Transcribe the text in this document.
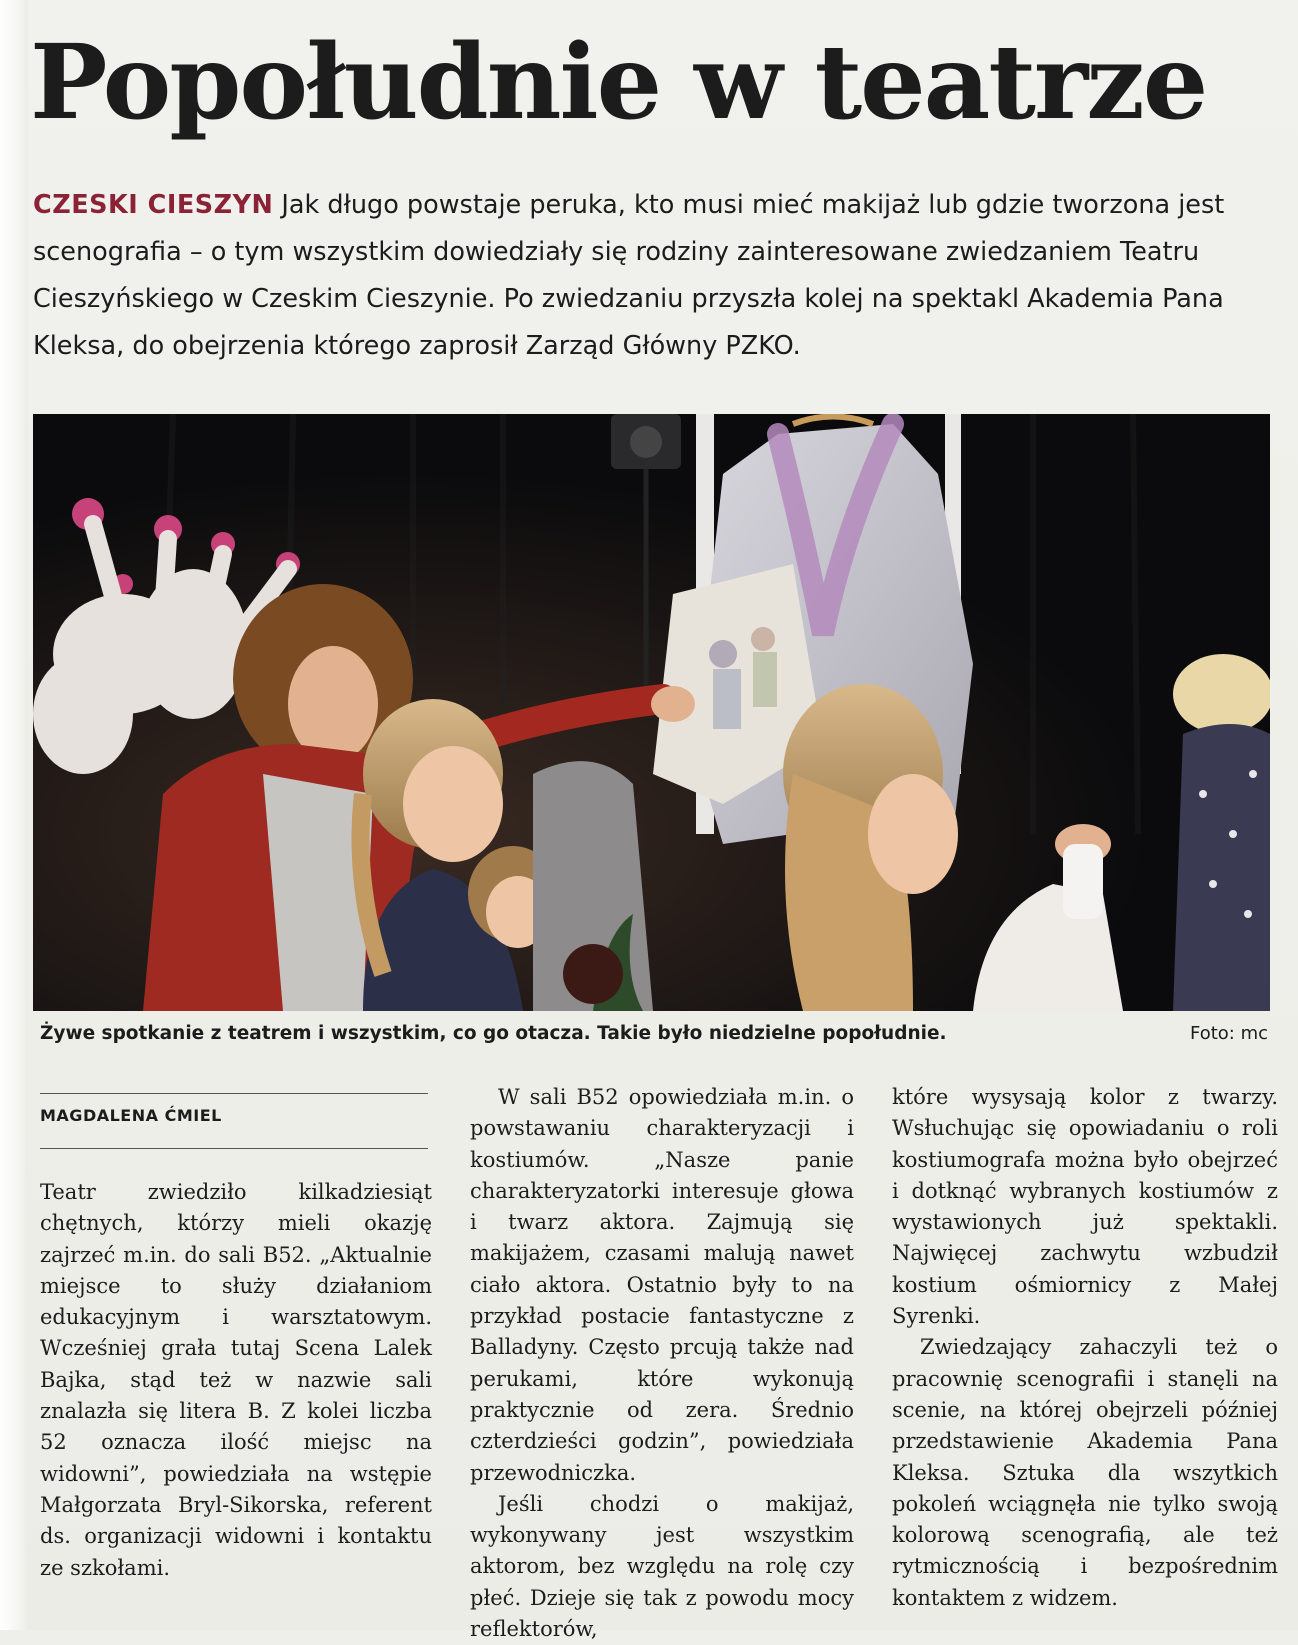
Popołudnie w teatrze
CZESKI CIESZYN Jak długo powstaje peruka, kto musi mieć makijaż lub gdzie tworzona jest scenografia – o tym wszystkim dowiedziały się rodziny zainteresowane zwiedzaniem Teatru Cieszyńskiego w Czeskim Cieszynie. Po zwiedzaniu przyszła kolej na spektakl Akademia Pana Kleksa, do obejrzenia którego zaprosił Zarząd Główny PZKO.
Żywe spotkanie z teatrem i wszystkim, co go otacza. Takie było niedzielne popołudnie.	Foto: mc
MAGDALENA ĆMIEL

Teatr zwiedziło kilkadziesiąt chętnych, którzy mieli okazję zajrzeć m.in. do sali B52. „Aktualnie miejsce to służy działaniom edukacyjnym i warsztatowym. Wcześniej grała tutaj Scena Lalek Bajka, stąd też w nazwie sali znalazła się litera B. Z kolei liczba 52 oznacza ilość miejsc na widowni”, powiedziała na wstępie Małgorzata Bryl-Sikorska, referent ds. organizacji widowni i kontaktu ze szkołami.

W sali B52 opowiedziała m.in. o powstawaniu charakteryzacji i kostiumów. „Nasze panie charakteryzatorki interesuje głowa i twarz aktora. Zajmują się makijażem, czasami malują nawet ciało aktora. Ostatnio były to na przykład postacie fantastyczne z Balladyny. Często prcują także nad perukami, które wykonują praktycznie od zera. Średnio czterdzieści godzin”, powiedziała przewodniczka.

Jeśli chodzi o makijaż, wykonywany jest wszystkim aktorom, bez względu na rolę czy płeć. Dzieje się tak z powodu mocy reflektorów,

które wysysają kolor z twarzy. Wsłuchując się opowiadaniu o roli kostiumografa można było obejrzeć i dotknąć wybranych kostiumów z wystawionych już spektakli. Najwięcej zachwytu wzbudził kostium ośmiornicy z Małej Syrenki.

Zwiedzający zahaczyli też o pracownię scenografii i stanęli na scenie, na której obejrzeli później przedstawienie Akademia Pana Kleksa. Sztuka dla wszytkich pokoleń wciągnęła nie tylko swoją kolorową scenografią, ale też rytmicznością i bezpośrednim kontaktem z widzem.
